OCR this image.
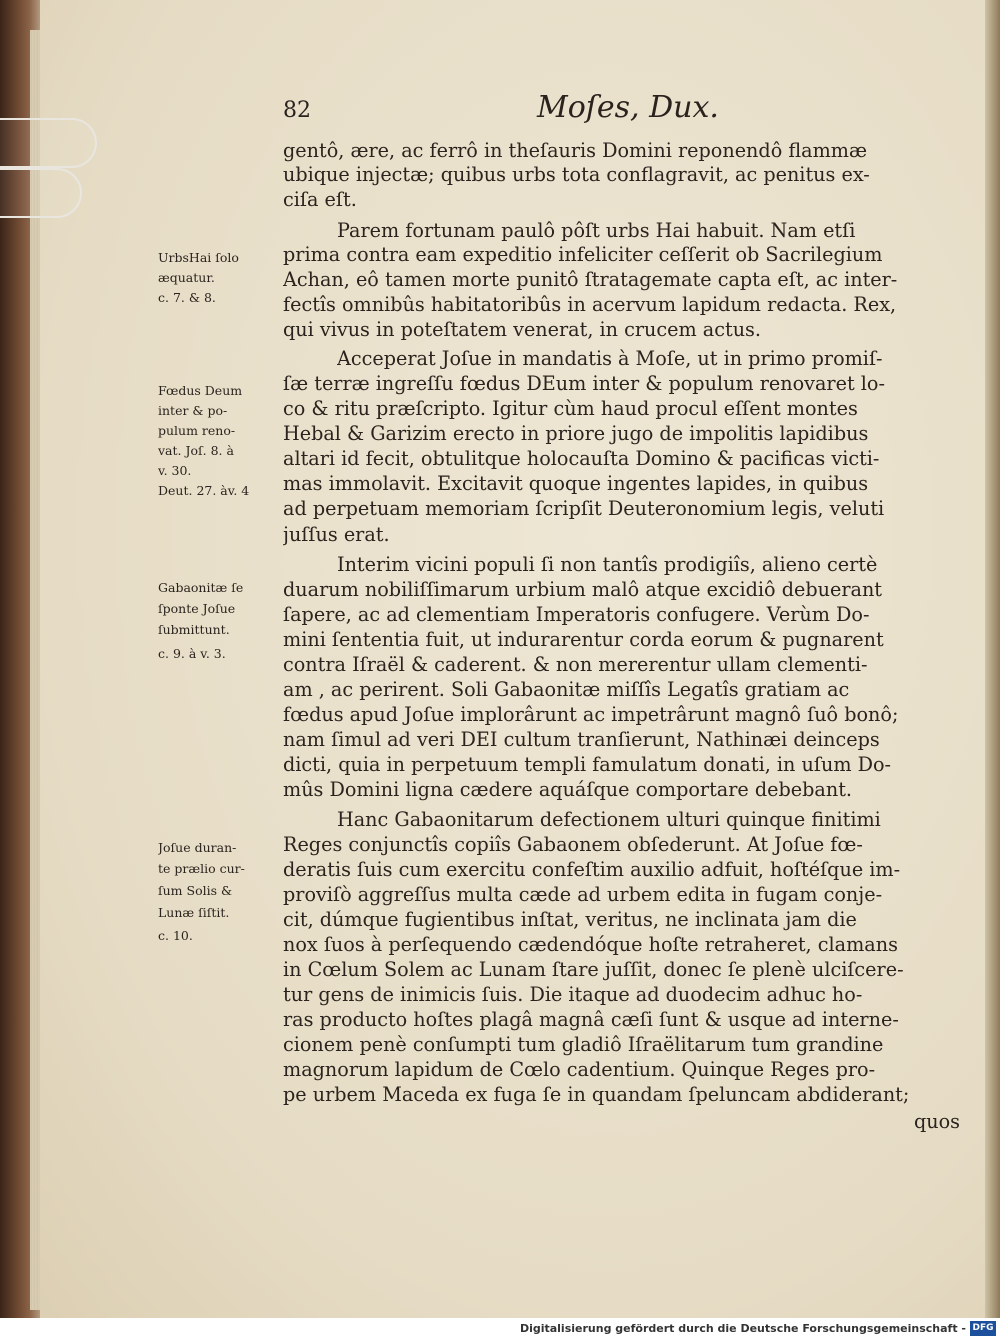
82	Moſes, Dux.
gentô, ære, ac ferrô in theſauris Domini reponendô flammæ
ubique injectæ; quibus urbs tota conflagravit, ac penitus ex-
ciſa eſt.
Parem fortunam paulô pôſt urbs Hai habuit. Nam etſi
prima contra eam expeditio infeliciter ceſſerit ob Sacrilegium
Achan, eô tamen morte punitô ſtratagemate capta eſt, ac inter-
fectîs omnibûs habitatoribûs in acervum lapidum redacta. Rex,
qui vivus in poteſtatem venerat, in crucem actus.
Acceperat Joſue in mandatis à Moſe, ut in primo promiſ-
ſæ terræ ingreſſu fœdus DEum inter & populum renovaret lo-
co & ritu præſcripto. Igitur cùm haud procul eſſent montes
Hebal & Garizim erecto in priore jugo de impolitis lapidibus
altari id fecit, obtulitque holocauſta Domino & pacificas victi-
mas immolavit. Excitavit quoque ingentes lapides, in quibus
ad perpetuam memoriam ſcripſit Deuteronomium legis, veluti
juſſus erat.
Interim vicini populi ſi non tantîs prodigiîs, alieno certè
duarum nobiliſſimarum urbium malô atque excidiô debuerant
ſapere, ac ad clementiam Imperatoris confugere. Verùm Do-
mini ſententia fuit, ut indurarentur corda eorum & pugnarent
contra Iſraël & caderent. & non mererentur ullam clementi-
am , ac perirent. Soli Gabaonitæ miſſîs Legatîs gratiam ac
fœdus apud Joſue implorârunt ac impetrârunt magnô ſuô bonô;
nam ſimul ad veri DEI cultum tranſierunt, Nathinæi deinceps
dicti, quia in perpetuum templi famulatum donati, in uſum Do-
mûs Domini ligna cædere aquáſque comportare debebant.
Hanc Gabaonitarum defectionem ulturi quinque finitimi
Reges conjunctîs copiîs Gabaonem obſederunt. At Joſue fœ-
deratis ſuis cum exercitu confeſtim auxilio adfuit, hoſtéſque im-
proviſò aggreſſus multa cæde ad urbem edita in fugam conje-
cit, dúmque fugientibus inſtat, veritus, ne inclinata jam die
nox ſuos à perſequendo cædendóque hoſte retraheret, clamans
in Cœlum Solem ac Lunam ſtare juſſit, donec ſe plenè ulciſcere-
tur gens de inimicis ſuis. Die itaque ad duodecim adhuc ho-
ras producto hoſtes plagâ magnâ cæſi ſunt & usque ad interne-
cionem penè conſumpti tum gladiô Iſraëlitarum tum grandine
magnorum lapidum de Cœlo cadentium. Quinque Reges pro-
pe urbem Maceda ex fuga ſe in quandam ſpeluncam abdiderant;
quos
UrbsHai ſolo
æquatur.
c. 7. & 8.
Fœdus Deum
inter & po-
pulum reno-
vat. Joſ. 8. à
v. 30.
Deut. 27. àv. 4
Gabaonitæ ſe
ſponte Joſue
ſubmittunt.
c. 9. à v. 3.
Joſue duran-
te prælio cur-
ſum Solis &
Lunæ ſiſtit.
c. 10.
Digitalisierung gefördert durch die Deutsche Forschungsgemeinschaft - DFG
